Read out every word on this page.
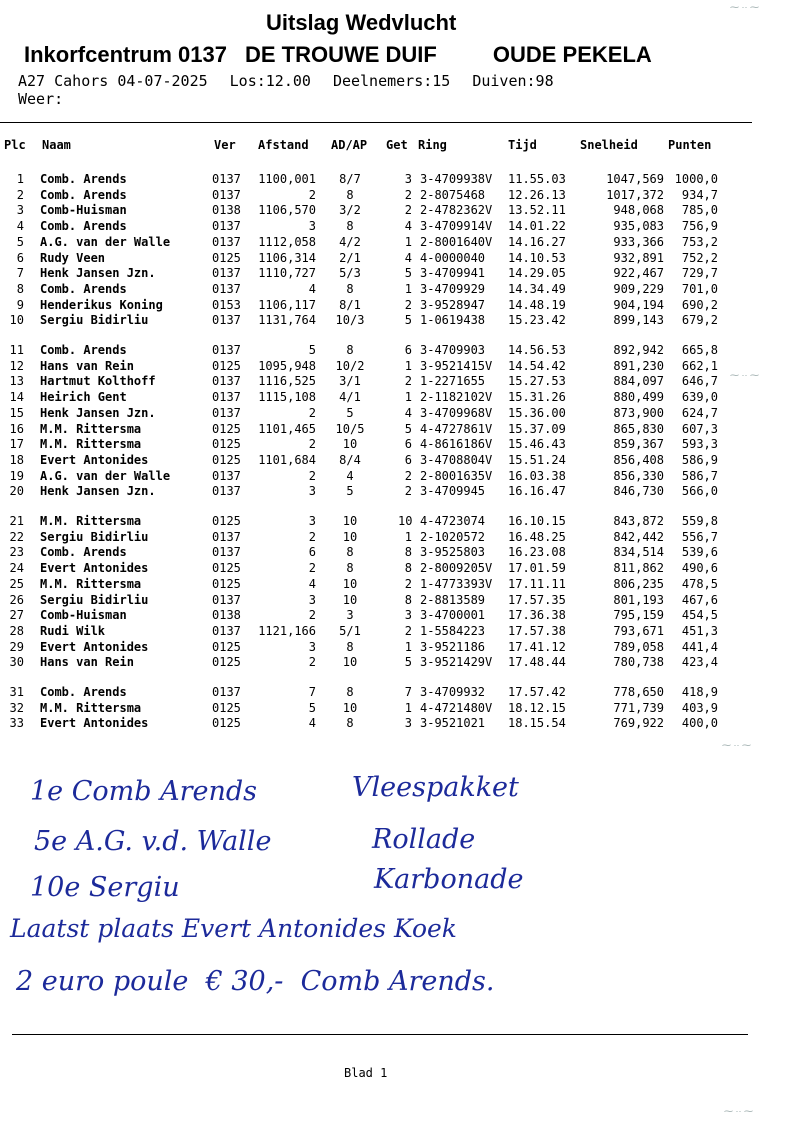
Uitslag Wedvlucht
Inkorfcentrum 0137 DE TROUWE DUIF	OUDE PEKELA
A27 Cahors 04-07-2025 Los:12.00 Deelnemers:15 Duiven:98
Weer:
Plc Naam	Ver Afstand AD/AP Get Ring	Tijd	Snelheid	Punten
1 Comb. Arends	0137	1100,001	8/7	3 3-4709938V 11.55.03	1047,569 1000,0
2 Comb. Arends	0137	2	8	2 2-8075468 12.26.13	1017,372	934,7
3 Comb-Huisman	0138	1106,570	3/2	2 2-4782362V 13.52.11	948,068	785,0
4 Comb. Arends	0137	3	8	4 3-4709914V 14.01.22	935,083	756,9
5 A.G. van der Walle	0137	1112,058	4/2	1 2-8001640V 14.16.27	933,366	753,2
6 Rudy Veen	0125	1106,314	2/1	4 4-0000040 14.10.53	932,891	752,2
7 Henk Jansen Jzn.	0137	1110,727	5/3	5 3-4709941 14.29.05	922,467	729,7
8 Comb. Arends	0137	4	8	1 3-4709929 14.34.49	909,229	701,0
9 Henderikus Koning	0153	1106,117	8/1	2 3-9528947 14.48.19	904,194	690,2
10 Sergiu Bidirliu	0137	1131,764	10/3	5 1-0619438 15.23.42	899,143	679,2
11 Comb. Arends	0137	5	8	6 3-4709903 14.56.53	892,942	665,8
12 Hans van Rein	0125	1095,948	10/2	1 3-9521415V 14.54.42	891,230	662,1
13 Hartmut Kolthoff	0137	1116,525	3/1	2 1-2271655 15.27.53	884,097	646,7
14 Heirich Gent	0137	1115,108	4/1	1 2-1182102V 15.31.26	880,499	639,0
15 Henk Jansen Jzn.	0137	2	5	4 3-4709968V 15.36.00	873,900	624,7
16 M.M. Rittersma	0125	1101,465	10/5	5 4-4727861V 15.37.09	865,830	607,3
17 M.M. Rittersma	0125	2	10	6 4-8616186V 15.46.43	859,367	593,3
18 Evert Antonides	0125	1101,684	8/4	6 3-4708804V 15.51.24	856,408	586,9
19 A.G. van der Walle	0137	2	4	2 2-8001635V 16.03.38	856,330	586,7
20 Henk Jansen Jzn.	0137	3	5	2 3-4709945 16.16.47	846,730	566,0
21 M.M. Rittersma	0125	3	10	10 4-4723074 16.10.15	843,872	559,8
22 Sergiu Bidirliu	0137	2	10	1 2-1020572 16.48.25	842,442	556,7
23 Comb. Arends	0137	6	8	8 3-9525803 16.23.08	834,514	539,6
24 Evert Antonides	0125	2	8	8 2-8009205V 17.01.59	811,862	490,6
25 M.M. Rittersma	0125	4	10	2 1-4773393V 17.11.11	806,235	478,5
26 Sergiu Bidirliu	0137	3	10	8 2-8813589 17.57.35	801,193	467,6
27 Comb-Huisman	0138	2	3	3 3-4700001 17.36.38	795,159	454,5
28 Rudi Wilk	0137	1121,166	5/1	2 1-5584223 17.57.38	793,671	451,3
29 Evert Antonides	0125	3	8	1 3-9521186 17.41.12	789,058	441,4
30 Hans van Rein	0125	2	10	5 3-9521429V 17.48.44	780,738	423,4
31 Comb. Arends	0137	7	8	7 3-4709932 17.57.42	778,650	418,9
32 M.M. Rittersma	0125	5	10	1 4-4721480V 18.12.15	771,739	403,9
33 Evert Antonides	0125	4	8	3 3-9521021 18.15.54	769,922	400,0
1e Comb Arends	Vleespakket
5e A.G. v.d. Walle	Rollade
10e Sergiu	Karbonade
Laatst plaats Evert Antonides Koek
2 euro poule  € 30,-  Comb Arends.
Blad 1
⁓ ·· ⁓
⁓ ·· ⁓
⁓ ·· ⁓
⁓ ·· ⁓
